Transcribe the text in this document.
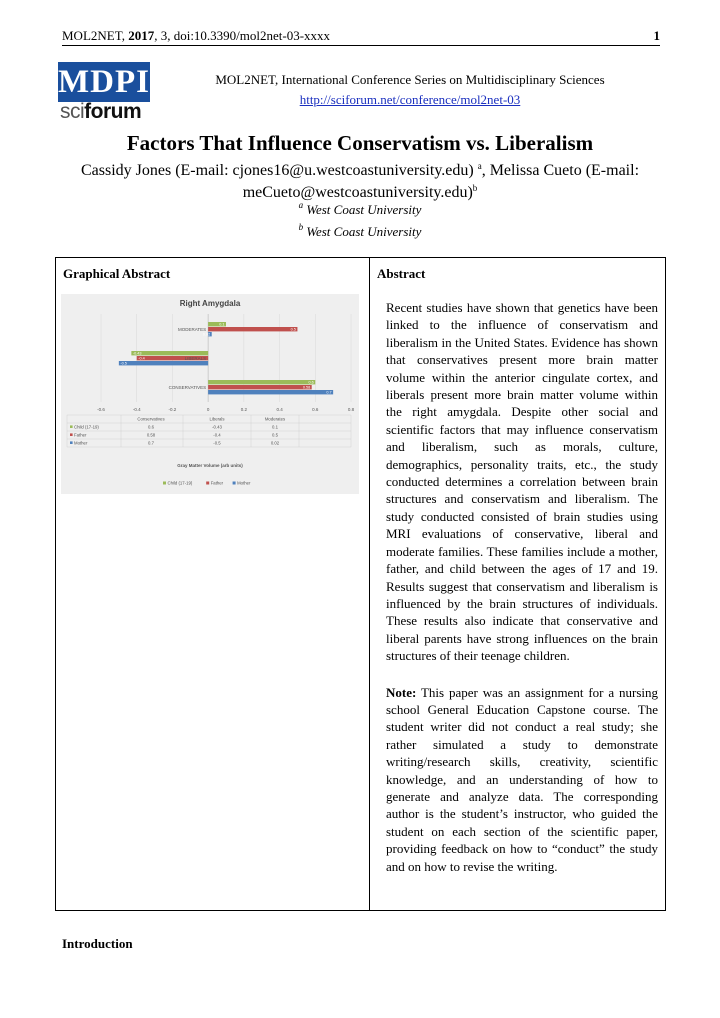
MOL2NET, 2017, 3, doi:10.3390/mol2net-03-xxxx	1
MDPI
sciforum
MOL2NET, International Conference Series on Multidisciplinary Sciences
http://sciforum.net/conference/mol2net-03
Factors That Influence Conservatism vs. Liberalism
Cassidy Jones (E-mail: cjones16@u.westcoastuniversity.edu) $^a$, Melissa Cueto (E-mail:
meCueto@westcoastuniversity.edu)$^b$
$^a$ West Coast University
$^b$ West Coast University
Graphical Abstract
Right Amygdala
0.1
0.5
0.02
-0.43
-0.4
-0.5
0.6
0.58
0.7
MODERATES
LIBERALS
CONSERVATIVES
-0.6	-0.4	-0.2	0	0.2	0.4	0.6	0.8
Conservatives	Liberals	Moderates
Child (17-19)	0.6	-0.43	0.1
Father	0.58	-0.4	0.5
Mother	0.7	-0.5	0.02
Gray Matter Volume (arb units)
Child (17-19)	Father	Mother

Abstract
Recent studies have shown that genetics have been linked to the influence of conservatism and liberalism in the United States. Evidence has shown that conservatives present more brain matter volume within the anterior cingulate cortex, and liberals present more brain matter volume within the right amygdala. Despite other social and scientific factors that may influence conservatism and liberalism, such as morals, culture, demographics, personality traits, etc., the study conducted determines a correlation between brain structures and conservatism and liberalism. The study conducted consisted of brain studies using MRI evaluations of conservative, liberal and moderate families. These families include a mother, father, and child between the ages of 17 and 19. Results suggest that conservatism and liberalism is influenced by the brain structures of individuals. These results also indicate that conservative and liberal parents have strong influences on the brain structures of their teenage children.
Note: This paper was an assignment for a nursing school General Education Capstone course. The student writer did not conduct a real study; she rather simulated a study to demonstrate writing/research skills, creativity, scientific knowledge, and an understanding of how to generate and analyze data. The corresponding author is the student’s instructor, who guided the student on each section of the scientific paper, providing feedback on how to “conduct” the study and on how to revise the writing.
Introduction
